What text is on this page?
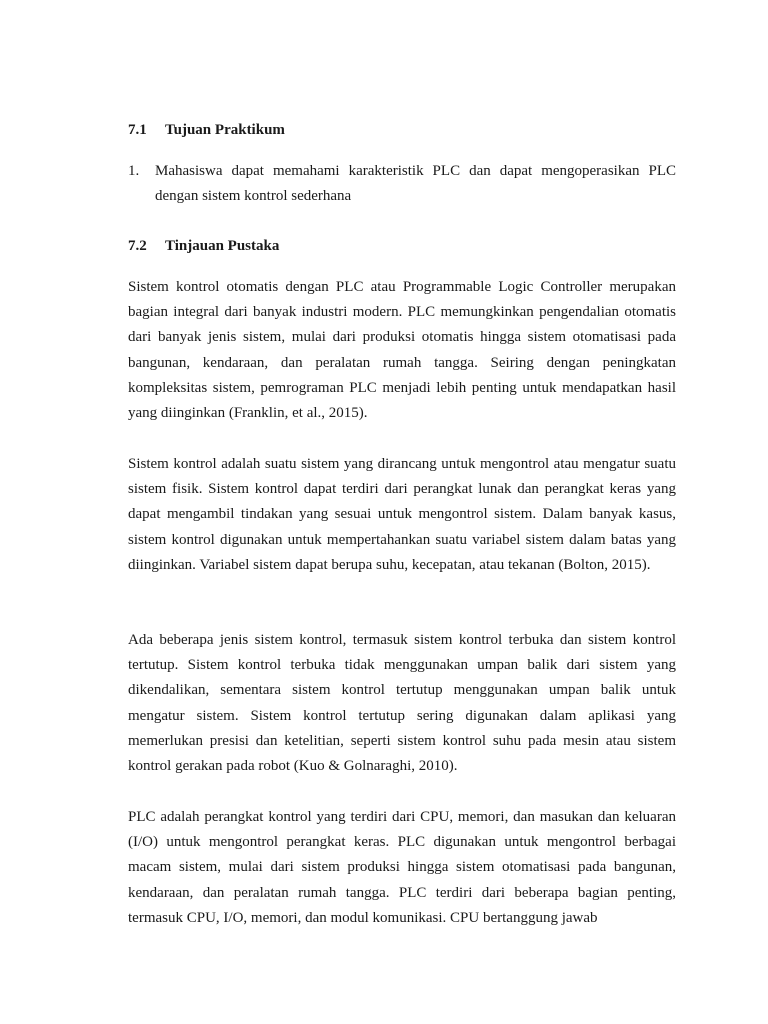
7.1 Tujuan Praktikum
1. Mahasiswa dapat memahami karakteristik PLC dan dapat mengoperasikan PLC dengan sistem kontrol sederhana
7.2 Tinjauan Pustaka

Sistem kontrol otomatis dengan PLC atau Programmable Logic Controller merupakan bagian integral dari banyak industri modern. PLC memungkinkan pengendalian otomatis dari banyak jenis sistem, mulai dari produksi otomatis hingga sistem otomatisasi pada bangunan, kendaraan, dan peralatan rumah tangga. Seiring dengan peningkatan kompleksitas sistem, pemrograman PLC menjadi lebih penting untuk mendapatkan hasil yang diinginkan (Franklin, et al., 2015).

Sistem kontrol adalah suatu sistem yang dirancang untuk mengontrol atau mengatur suatu sistem fisik. Sistem kontrol dapat terdiri dari perangkat lunak dan perangkat keras yang dapat mengambil tindakan yang sesuai untuk mengontrol sistem. Dalam banyak kasus, sistem kontrol digunakan untuk mempertahankan suatu variabel sistem dalam batas yang diinginkan. Variabel sistem dapat berupa suhu, kecepatan, atau tekanan (Bolton, 2015).

Ada beberapa jenis sistem kontrol, termasuk sistem kontrol terbuka dan sistem kontrol tertutup. Sistem kontrol terbuka tidak menggunakan umpan balik dari sistem yang dikendalikan, sementara sistem kontrol tertutup menggunakan umpan balik untuk mengatur sistem. Sistem kontrol tertutup sering digunakan dalam aplikasi yang memerlukan presisi dan ketelitian, seperti sistem kontrol suhu pada mesin atau sistem kontrol gerakan pada robot (Kuo & Golnaraghi, 2010).

PLC adalah perangkat kontrol yang terdiri dari CPU, memori, dan masukan dan keluaran (I/O) untuk mengontrol perangkat keras. PLC digunakan untuk mengontrol berbagai macam sistem, mulai dari sistem produksi hingga sistem otomatisasi pada bangunan, kendaraan, dan peralatan rumah tangga. PLC terdiri dari beberapa bagian penting, termasuk CPU, I/O, memori, dan modul komunikasi. CPU bertanggung jawab
